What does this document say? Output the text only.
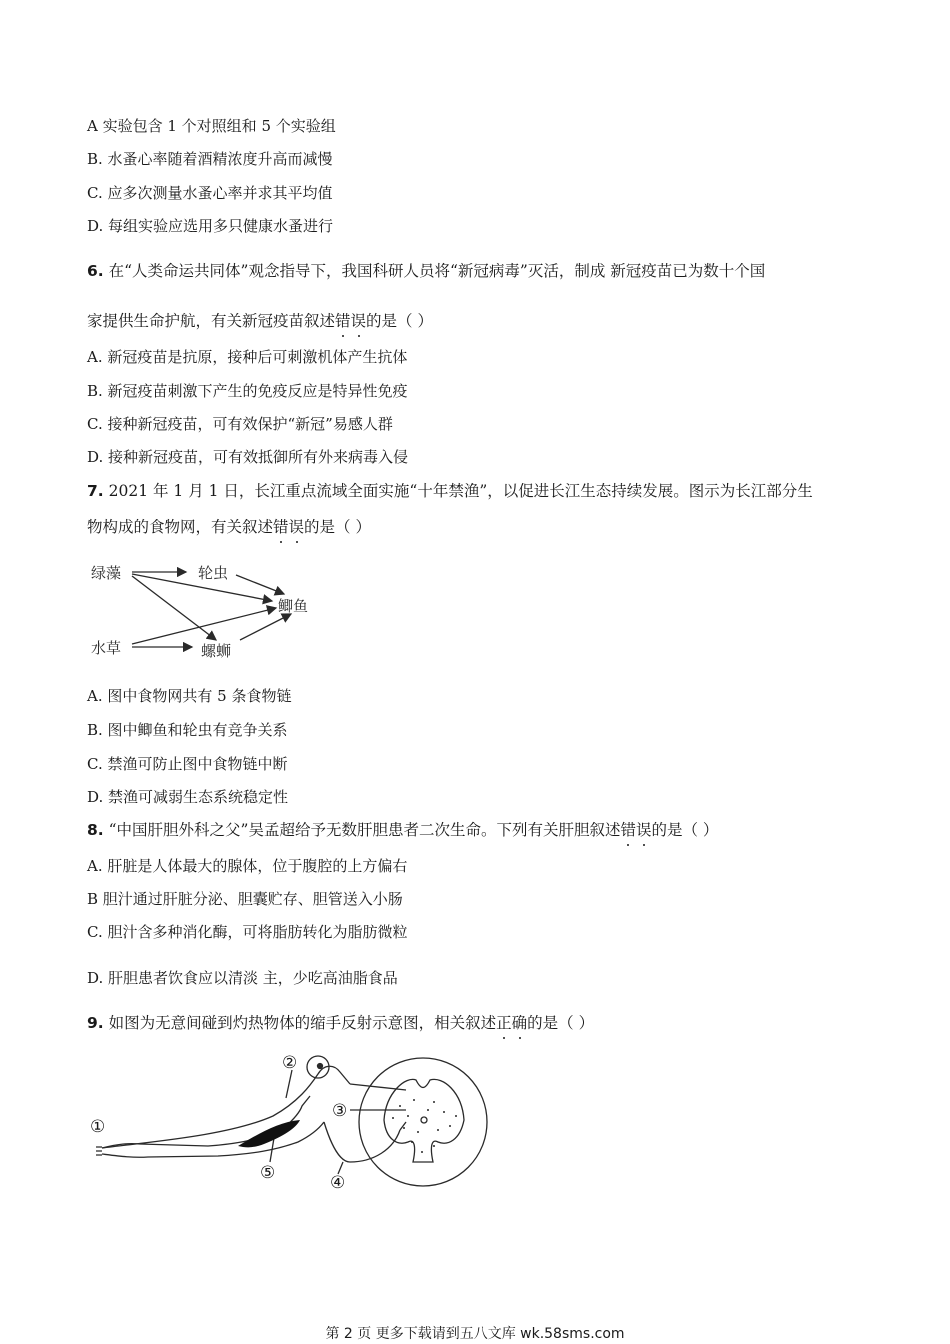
A 实验包含 1 个对照组和 5 个实验组
B. 水蚤心率随着酒精浓度升高而减慢
C. 应多次测量水蚤心率并求其平均值
D. 每组实验应选用多只健康水蚤进行
6. 在“人类命运共同体”观念指导下，我国科研人员将“新冠病毒”灭活，制成 新冠疫苗已为数十个国
家提供生命护航，有关新冠疫苗叙述错误的是（ ）
A. 新冠疫苗是抗原，接种后可刺激机体产生抗体
B. 新冠疫苗刺激下产生的免疫反应是特异性免疫
C. 接种新冠疫苗，可有效保护“新冠”易感人群
D. 接种新冠疫苗，可有效抵御所有外来病毒入侵
7. 2021 年 1 月 1 日，长江重点流域全面实施“十年禁渔”，以促进长江生态持续发展。图示为长江部分生
物构成的食物网，有关叙述错误的是（ ）
绿藻	轮虫
鲫鱼
水草	螺蛳
A. 图中食物网共有 5 条食物链
B. 图中鲫鱼和轮虫有竞争关系
C. 禁渔可防止图中食物链中断
D. 禁渔可减弱生态系统稳定性
8. “中国肝胆外科之父”吴孟超给予无数肝胆患者二次生命。下列有关肝胆叙述错误的是（ ）
A. 肝脏是人体最大的腺体，位于腹腔的上方偏右
B 胆汁通过肝脏分泌、胆囊贮存、胆管送入小肠
C. 胆汁含多种消化酶，可将脂肪转化为脂肪微粒
D. 肝胆患者饮食应以清淡 主，少吃高油脂食品
9. 如图为无意间碰到灼热物体的缩手反射示意图，相关叙述正确的是（ ）
①
②
③
④
⑤
第 2 页 更多下载请到五八文库 wk.58sms.com
